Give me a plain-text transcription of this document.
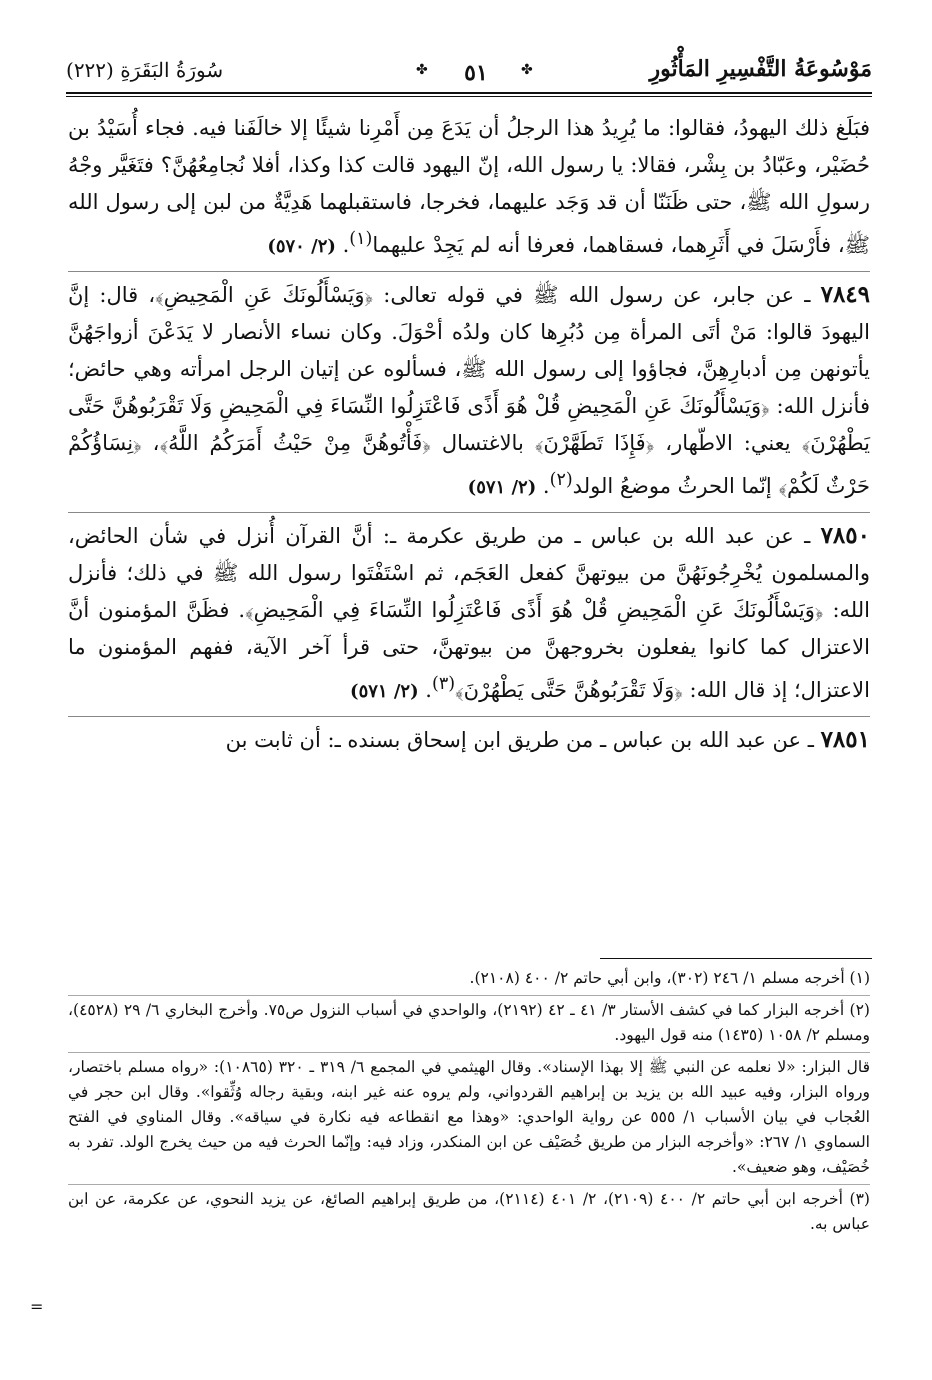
مَوْسُوعَةُ التَّفْسِيرِ المَأْثُورِ
✤
٥١
✤
سُورَةُ البَقَرَةِ (٢٢٢)

فبَلَغ ذلك اليهودُ، فقالوا: ما يُرِيدُ هذا الرجلُ أن يَدَعَ مِن أَمْرِنا شيئًا إلا خالَفَنا فيه. فجاء أُسَيْدُ بن حُضَيْر، وعَبّادُ بن بِشْر، فقالا: يا رسول الله، إنّ اليهود قالت كذا وكذا، أفلا نُجامِعُهُنَّ؟ فتَغَيَّر وجْهُ رسولِ الله ﷺ، حتى ظَنَنّا أن قد وَجَد عليهما، فخرجا، فاستقبلهما هَدِيَّةٌ من لبن إلى رسول الله ﷺ، فأَرْسَلَ في أَثَرِهما، فسقاهما، فعرفا أنه لم يَجِدْ عليهما$^{(١)}$. (٢/ ٥٧٠)

٧٨٤٩ ـ عن جابر، عن رسول الله ﷺ في قوله تعالى: ﴿وَيَسْأَلُونَكَ عَنِ الْمَحِيضِ﴾، قال: إنَّ اليهودَ قالوا: مَنْ أتَى المرأة مِن دُبُرِها كان ولدُه أحْوَلَ. وكان نساء الأنصار لا يَدَعْنَ أزواجَهُنَّ يأتونهن مِن أدبارِهِنَّ، فجاؤوا إلى رسول الله ﷺ، فسألوه عن إتيان الرجل امرأته وهي حائض؛ فأنزل الله: ﴿وَيَسْأَلُونَكَ عَنِ الْمَحِيضِ قُلْ هُوَ أَذًى فَاعْتَزِلُوا النِّسَاءَ فِي الْمَحِيضِ وَلَا تَقْرَبُوهُنَّ حَتَّى يَطْهُرْنَ﴾ يعني: الاطّهار، ﴿فَإِذَا تَطَهَّرْنَ﴾ بالاغتسال ﴿فَأْتُوهُنَّ مِنْ حَيْثُ أَمَرَكُمُ اللَّهُ﴾، ﴿نِسَاؤُكُمْ حَرْثٌ لَكُمْ﴾ إنّما الحرثُ موضعُ الولد$^{(٢)}$. (٢/ ٥٧١)

٧٨٥٠ ـ عن عبد الله بن عباس ـ من طريق عكرمة ـ: أنَّ القرآن أُنزل في شأن الحائض، والمسلمون يُخْرِجُونَهُنَّ من بيوتهنَّ كفعل العَجَم، ثم اسْتَفْتَوا رسول الله ﷺ في ذلك؛ فأنزل الله: ﴿وَيَسْأَلُونَكَ عَنِ الْمَحِيضِ قُلْ هُوَ أَذًى فَاعْتَزِلُوا النِّسَاءَ فِي الْمَحِيضِ﴾. فظَنَّ المؤمنون أنَّ الاعتزال كما كانوا يفعلون بخروجهنَّ من بيوتهنَّ، حتى قرأ آخر الآية، ففهم المؤمنون ما الاعتزال؛ إذ قال الله: ﴿وَلَا تَقْرَبُوهُنَّ حَتَّى يَطْهُرْنَ﴾$^{(٣)}$. (٢/ ٥٧١)

٧٨٥١ ـ عن عبد الله بن عباس ـ من طريق ابن إسحاق بسنده ـ: أن ثابت بن

(١) أخرجه مسلم ١/ ٢٤٦ (٣٠٢)، وابن أبي حاتم ٢/ ٤٠٠ (٢١٠٨).

(٢) أخرجه البزار كما في كشف الأستار ٣/ ٤١ ـ ٤٢ (٢١٩٢)، والواحدي في أسباب النزول ص٧٥. وأخرج البخاري ٦/ ٢٩ (٤٥٢٨)، ومسلم ٢/ ١٠٥٨ (١٤٣٥) منه قول اليهود.

قال البزار: «لا نعلمه عن النبي ﷺ إلا بهذا الإسناد». وقال الهيثمي في المجمع ٦/ ٣١٩ ـ ٣٢٠ (١٠٨٦٥): «رواه مسلم باختصار، ورواه البزار، وفيه عبيد الله بن يزيد بن إبراهيم القردواني، ولم يروه عنه غير ابنه، وبقية رجاله وُثِّقوا». وقال ابن حجر في العُجاب في بيان الأسباب ١/ ٥٥٥ عن رواية الواحدي: «وهذا مع انقطاعه فيه نكارة في سياقه». وقال المناوي في الفتح السماوي ١/ ٢٦٧: «وأخرجه البزار من طريق خُصَيْف عن ابن المنكدر، وزاد فيه: وإنّما الحرث فيه من حيث يخرج الولد. تفرد به خُصَيْف، وهو ضعيف».

(٣) أخرجه ابن أبي حاتم ٢/ ٤٠٠ (٢١٠٩)، ٢/ ٤٠١ (٢١١٤)، من طريق إبراهيم الصائغ، عن يزيد النحوي، عن عكرمة، عن ابن عباس به.

=
